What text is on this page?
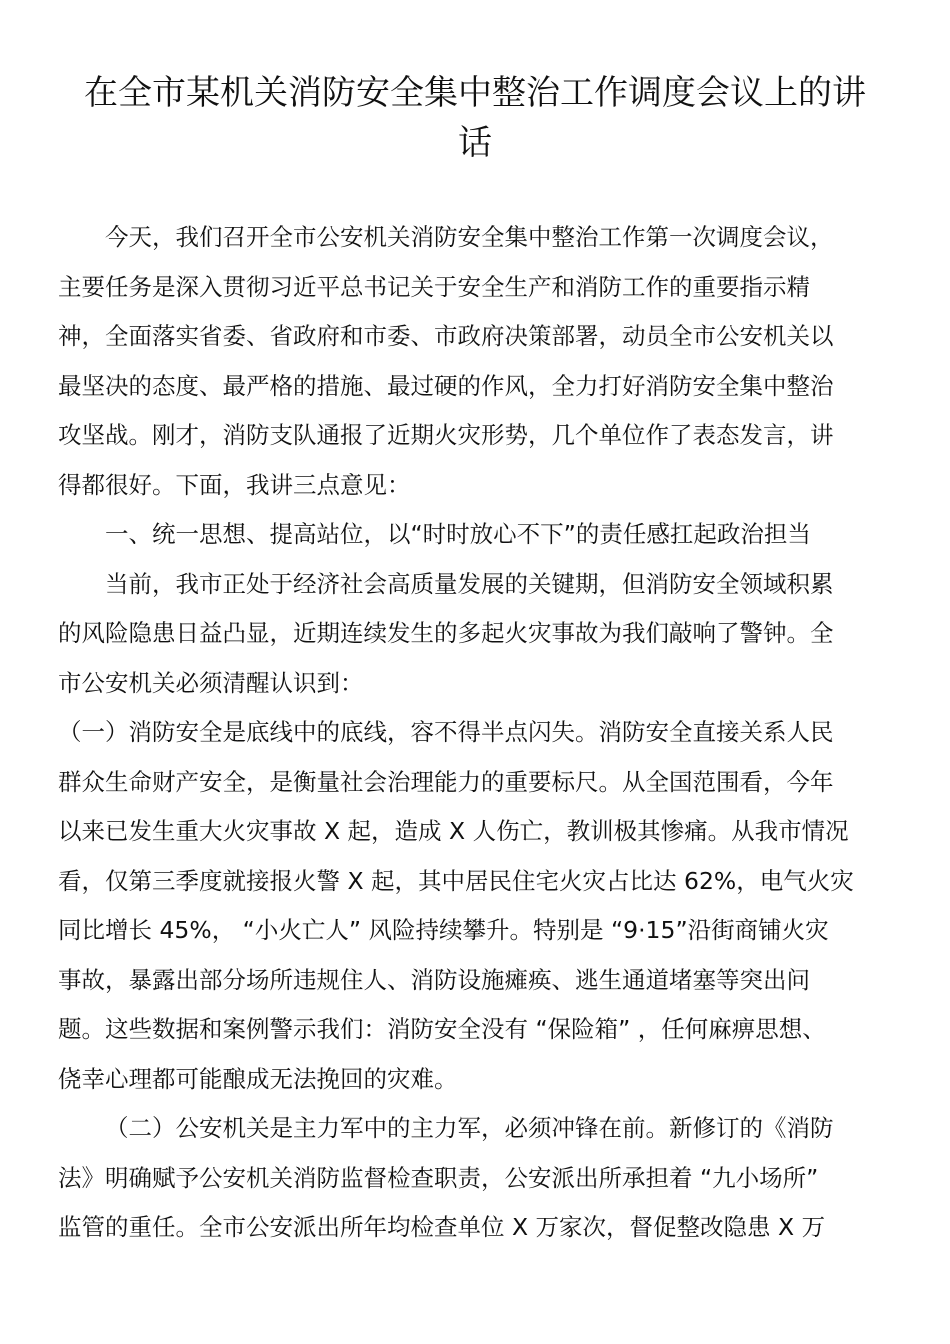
在全市某机关消防安全集中整治工作调度会议上的讲
话
今天，我们召开全市公安机关消防安全集中整治工作第一次调度会议，
主要任务是深入贯彻习近平总书记关于安全生产和消防工作的重要指示精
神，全面落实省委、省政府和市委、市政府决策部署，动员全市公安机关以
最坚决的态度、最严格的措施、最过硬的作风，全力打好消防安全集中整治
攻坚战。刚才，消防支队通报了近期火灾形势，几个单位作了表态发言，讲
得都很好。下面，我讲三点意见：
一、统一思想、提高站位，以“时时放心不下”的责任感扛起政治担当
当前，我市正处于经济社会高质量发展的关键期，但消防安全领域积累
的风险隐患日益凸显，近期连续发生的多起火灾事故为我们敲响了警钟。全
市公安机关必须清醒认识到：
（一）消防安全是底线中的底线，容不得半点闪失。消防安全直接关系人民
群众生命财产安全，是衡量社会治理能力的重要标尺。从全国范围看，今年
以来已发生重大火灾事故 X 起，造成 X 人伤亡，教训极其惨痛。从我市情况
看，仅第三季度就接报火警 X 起，其中居民住宅火灾占比达 62%，电气火灾
同比增长 45%， “小火亡人” 风险持续攀升。特别是 “9·15”沿街商铺火灾
事故，暴露出部分场所违规住人、消防设施瘫痪、逃生通道堵塞等突出问
题。这些数据和案例警示我们：消防安全没有 “保险箱” ，任何麻痹思想、
侥幸心理都可能酿成无法挽回的灾难。
（二）公安机关是主力军中的主力军，必须冲锋在前。新修订的《消防
法》明确赋予公安机关消防监督检查职责，公安派出所承担着 “九小场所”
监管的重任。全市公安派出所年均检查单位 X 万家次，督促整改隐患 X 万
